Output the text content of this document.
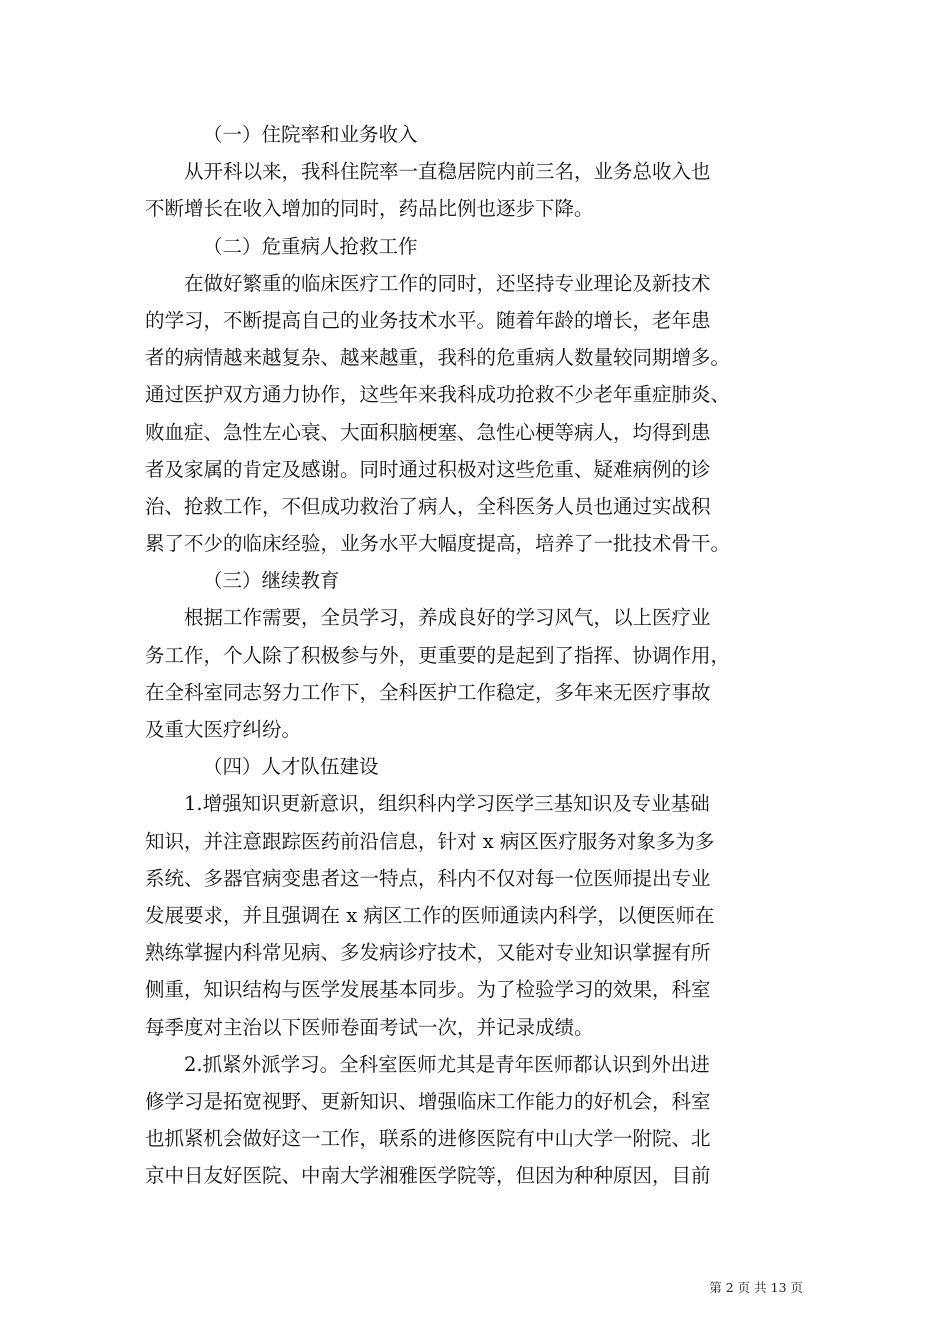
（一）住院率和业务收入
从开科以来，我科住院率一直稳居院内前三名，业务总收入也
不断增长在收入增加的同时，药品比例也逐步下降。
（二）危重病人抢救工作
在做好繁重的临床医疗工作的同时，还坚持专业理论及新技术
的学习，不断提高自己的业务技术水平。随着年龄的增长，老年患
者的病情越来越复杂、越来越重，我科的危重病人数量较同期增多。
通过医护双方通力协作，这些年来我科成功抢救不少老年重症肺炎、
败血症、急性左心衰、大面积脑梗塞、急性心梗等病人，均得到患
者及家属的肯定及感谢。同时通过积极对这些危重、疑难病例的诊
治、抢救工作，不但成功救治了病人，全科医务人员也通过实战积
累了不少的临床经验，业务水平大幅度提高，培养了一批技术骨干。
（三）继续教育
根据工作需要，全员学习，养成良好的学习风气，以上医疗业
务工作，个人除了积极参与外，更重要的是起到了指挥、协调作用，
在全科室同志努力工作下，全科医护工作稳定，多年来无医疗事故
及重大医疗纠纷。
（四）人才队伍建设
1.增强知识更新意识，组织科内学习医学三基知识及专业基础
知识，并注意跟踪医药前沿信息，针对 x 病区医疗服务对象多为多
系统、多器官病变患者这一特点，科内不仅对每一位医师提出专业
发展要求，并且强调在 x 病区工作的医师通读内科学，以便医师在
熟练掌握内科常见病、多发病诊疗技术，又能对专业知识掌握有所
侧重，知识结构与医学发展基本同步。为了检验学习的效果，科室
每季度对主治以下医师卷面考试一次，并记录成绩。
2.抓紧外派学习。全科室医师尤其是青年医师都认识到外出进
修学习是拓宽视野、更新知识、增强临床工作能力的好机会，科室
也抓紧机会做好这一工作，联系的进修医院有中山大学一附院、北
京中日友好医院、中南大学湘雅医学院等，但因为种种原因，目前
第 2 页 共 13 页
